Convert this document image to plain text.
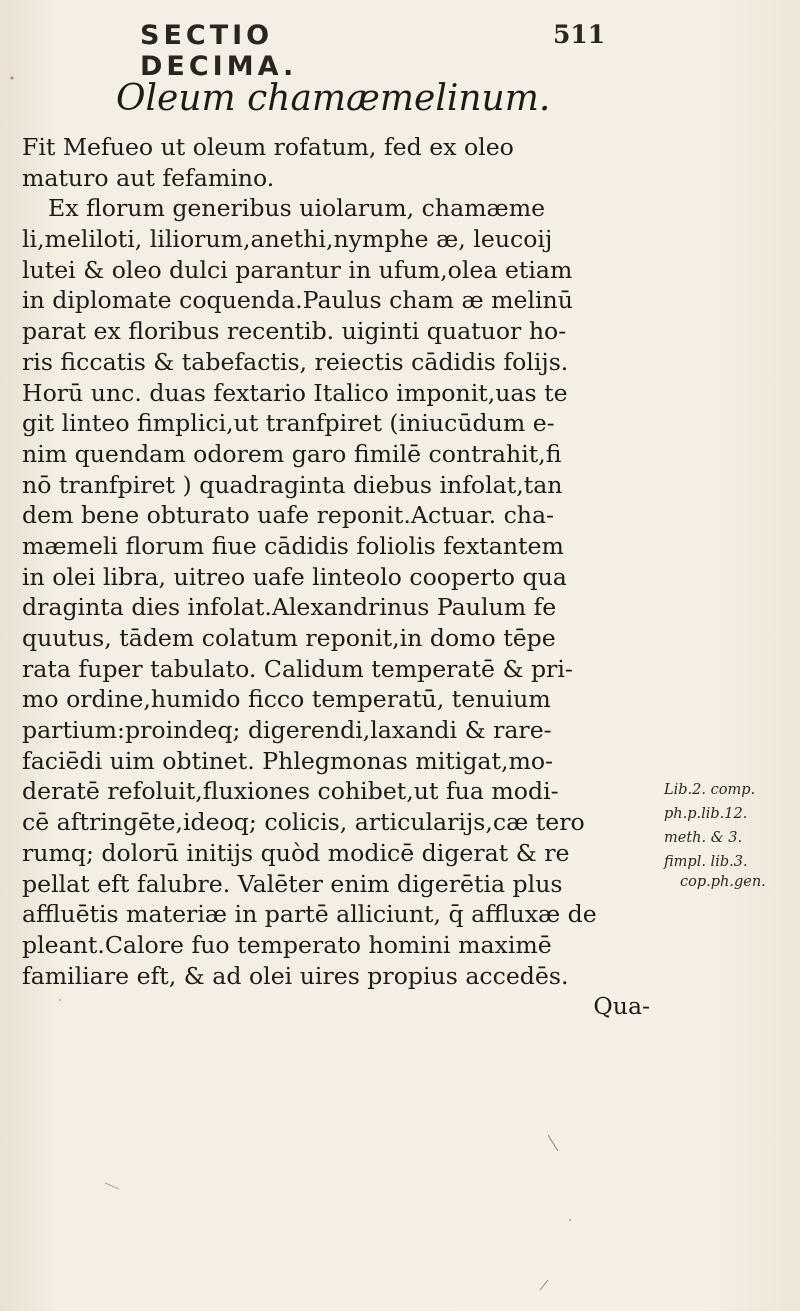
SECTIO DECIMA.
511
Oleum chamæmelinum.
Fit Mefueo ut oleum rofatum, fed ex oleo
maturo aut fefamino.
Ex florum generibus uiolarum, chamæme
li,meliloti, liliorum,anethi,nymphe æ, leucoij
lutei & oleo dulci parantur in ufum,olea etiam
in diplomate coquenda.Paulus cham æ melinū
parat ex floribus recentib. uiginti quatuor ho-
ris ficcatis & tabefactis, reiectis cādidis folijs.
Horū unc. duas fextario Italico imponit,uas te
git linteo fimplici,ut tranfpiret (iniucūdum e-
nim quendam odorem garo fimilē contrahit,fi
nō tranfpiret ) quadraginta diebus infolat,tan
dem bene obturato uafe reponit.Actuar. cha-
mæmeli florum fiue cādidis foliolis fextantem
in olei libra, uitreo uafe linteolo cooperto qua
draginta dies infolat.Alexandrinus Paulum fe
quutus, tādem colatum reponit,in domo tēpe
rata fuper tabulato. Calidum temperatē & pri-
mo ordine,humido ficco temperatū, tenuium
partium:proindeq; digerendi,laxandi & rare-
faciēdi uim obtinet. Phlegmonas mitigat,mo-
deratē refoluit,fluxiones cohibet,ut fua modi-
cē aftringēte,ideoq; colicis, articularijs,cæ tero
rumq; dolorū initijs quòd modicē digerat & re
pellat eft falubre. Valēter enim digerētia plus
affluētis materiæ in partē alliciunt, q̄ affluxæ de
pleant.Calore fuo temperato homini maximē
familiare eft, & ad olei uires propius accedēs.
Qua-
Lib.2. comp.
ph.p.lib.12.
meth. & 3.
fimpl. lib.3.
cop.ph.gen.
